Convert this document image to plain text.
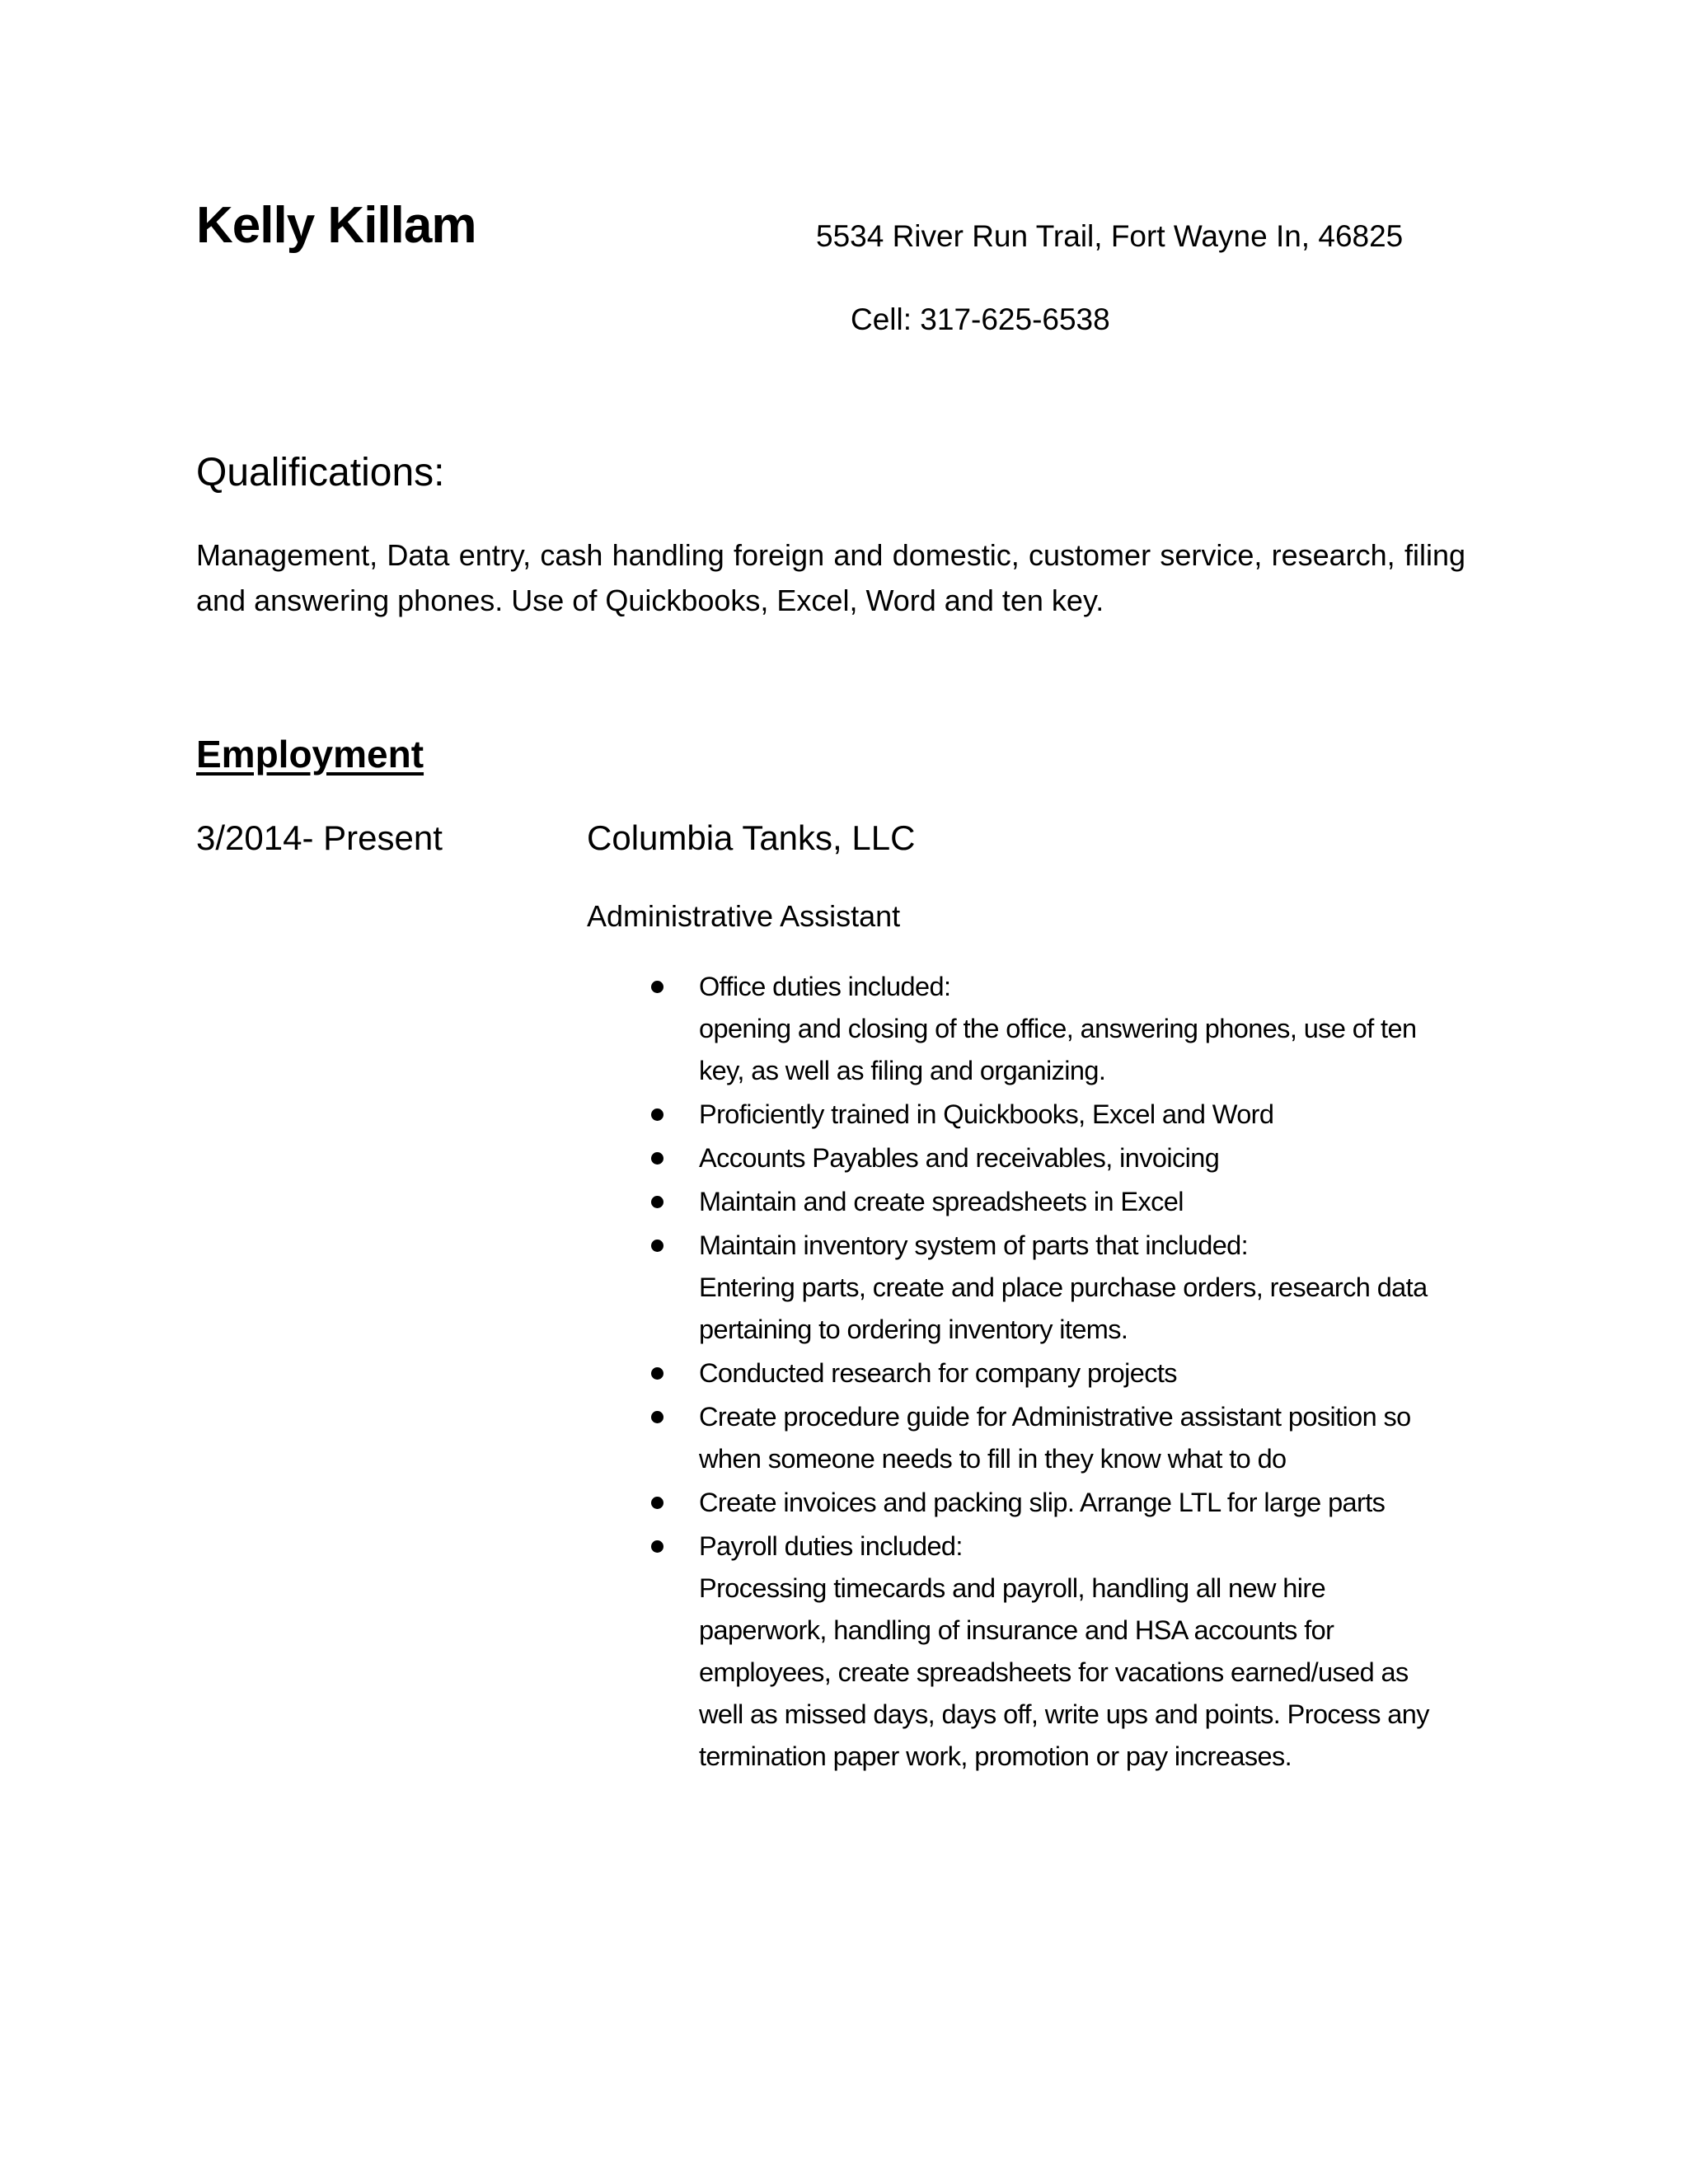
Kelly Killam	5534 River Run Trail, Fort Wayne In, 46825
Cell: 317-625-6538
Qualifications:
Management, Data entry, cash handling foreign and domestic, customer service, research, filing and answering phones. Use of Quickbooks, Excel, Word and ten key.
Employment
3/2014- Present	Columbia Tanks, LLC
Administrative Assistant
Office duties included:
opening and closing of the office, answering phones, use of ten
key, as well as filing and organizing.
Proficiently trained in Quickbooks, Excel and Word
Accounts Payables and receivables, invoicing
Maintain and create spreadsheets in Excel
Maintain inventory system of parts that included:
Entering parts, create and place purchase orders, research data
pertaining to ordering inventory items.
Conducted research for company projects
Create procedure guide for Administrative assistant position so
when someone needs to fill in they know what to do
Create invoices and packing slip. Arrange LTL for large parts
Payroll duties included:
Processing timecards and payroll, handling all new hire
paperwork, handling of insurance and HSA accounts for
employees, create spreadsheets for vacations earned/used as
well as missed days, days off, write ups and points. Process any
termination paper work, promotion or pay increases.
